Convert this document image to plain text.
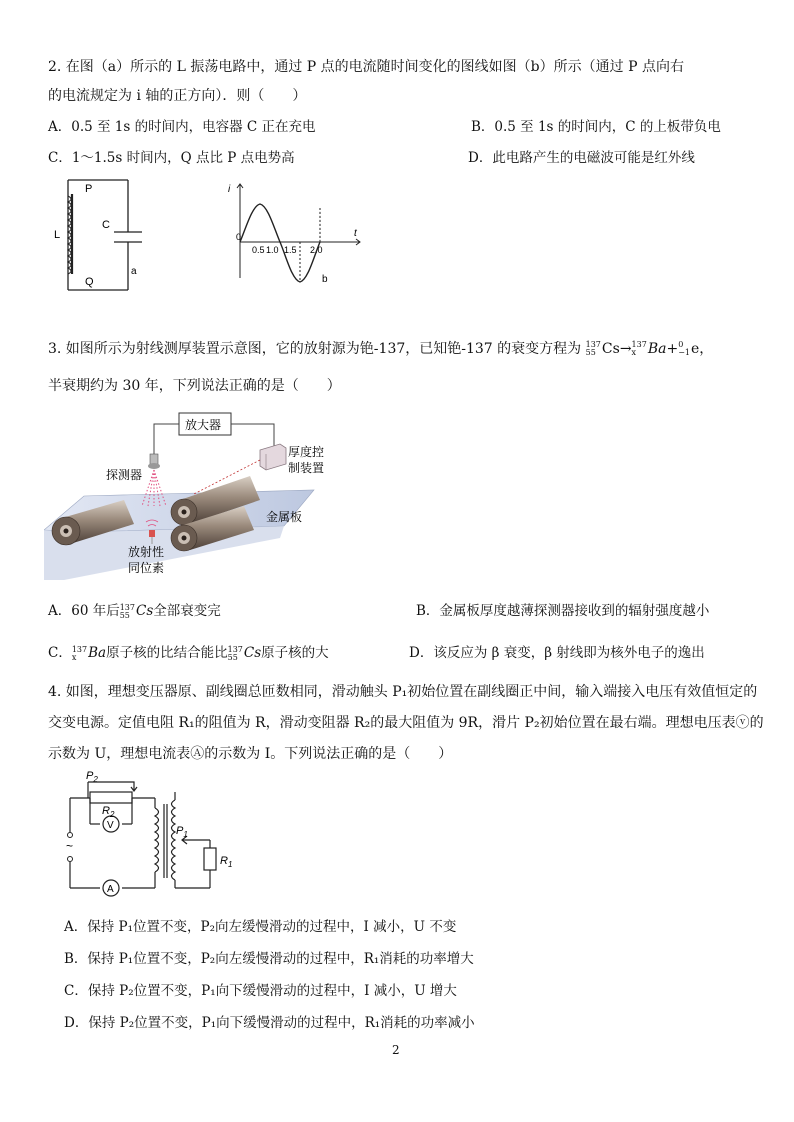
2. 在图（a）所示的 L 振荡电路中，通过 P 点的电流随时间变化的图线如图（b）所示（通过 P 点向右
的电流规定为 i 轴的正方向）．则（　　）
A．0.5 至 1s 的时间内，电容器 C 正在充电	B．0.5 至 1s 的时间内，C 的上板带负电
C．1～1.5s 时间内，Q 点比 P 点电势高	D．此电路产生的电磁波可能是红外线
L
P
C
Q
a
i
t
0
0.5 1.0 1.5 2.0
b
3. 如图所示为射线测厚装置示意图，它的放射源为铯-137，已知铯-137 的衰变方程为 137
55 Cs→ 137
x Ba+ 0
−1 e，
半衰期约为 30 年，下列说法正确的是（　　）
放大器
探测器
厚度控
制装置
放射性
同位素
金属板
A．60 年后 137
55 Cs全部衰变完	B．金属板厚度越薄探测器接收到的辐射强度越小
C． 137
x Ba原子核的比结合能比 137
55 Cs原子核的大	D．该反应为 β 衰变，β 射线即为核外电子的逸出
4. 如图，理想变压器原、副线圈总匝数相同，滑动触头 P₁初始位置在副线圈正中间，输入端接入电压有效值恒定的
交变电源。定值电阻 R₁的阻值为 R，滑动变阻器 R₂的最大阻值为 9R，滑片 P₂初始位置在最右端。理想电压表ⓥ的
示数为 U，理想电流表Ⓐ的示数为 I。下列说法正确的是（　　）
~
$P_2$
$R_2$
V
A
$P_1$
$R_1$
A．保持 P₁位置不变，P₂向左缓慢滑动的过程中，I 减小，U 不变
B．保持 P₁位置不变，P₂向左缓慢滑动的过程中，R₁消耗的功率增大
C．保持 P₂位置不变，P₁向下缓慢滑动的过程中，I 减小，U 增大
D．保持 P₂位置不变，P₁向下缓慢滑动的过程中，R₁消耗的功率减小
2
